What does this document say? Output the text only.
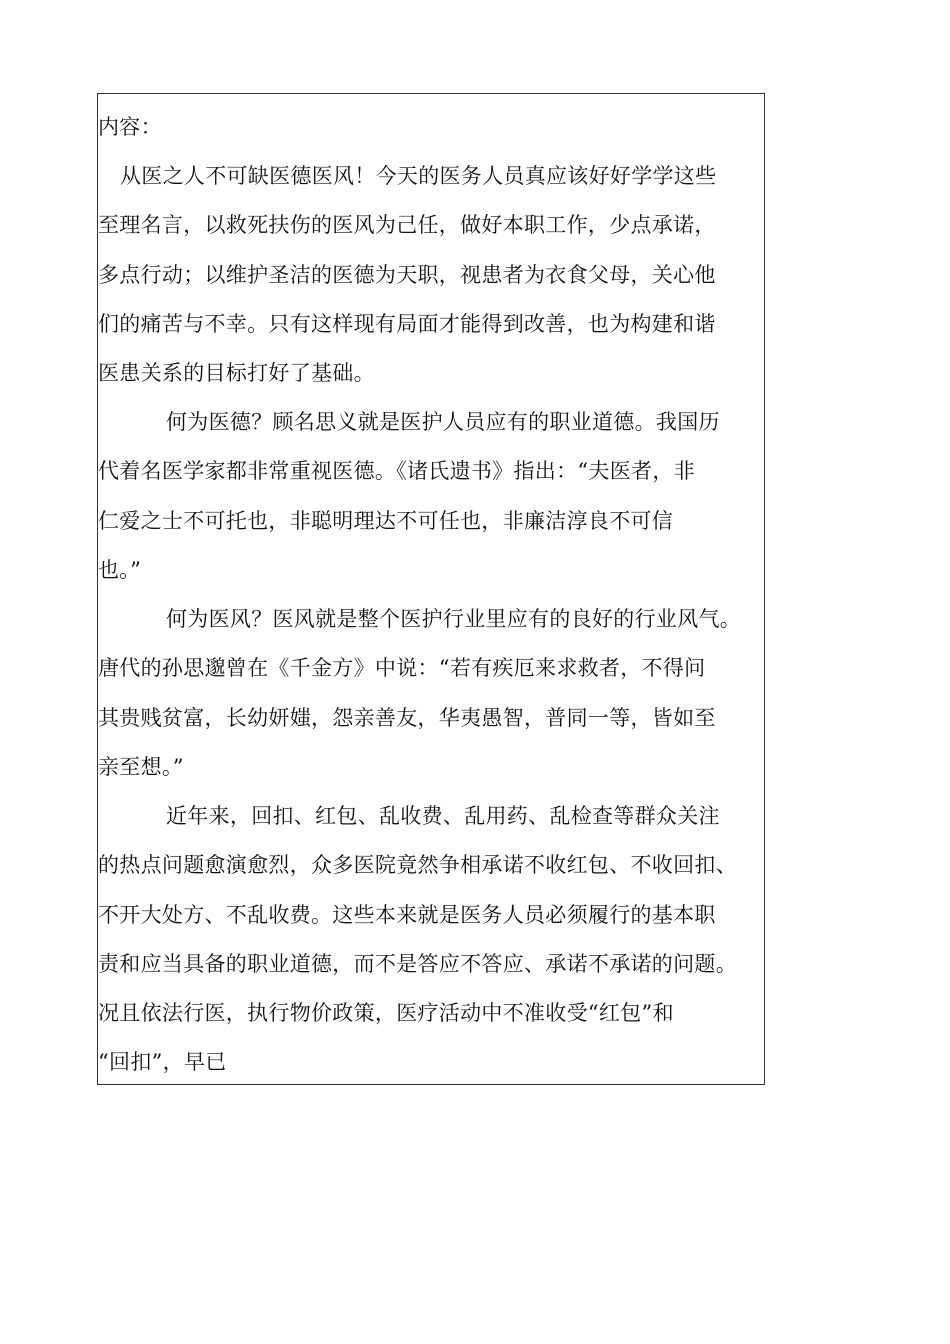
内容：
从医之人不可缺医德医风！今天的医务人员真应该好好学学这些
至理名言，以救死扶伤的医风为己任，做好本职工作，少点承诺，
多点行动；以维护圣洁的医德为天职，视患者为衣食父母，关心他
们的痛苦与不幸。只有这样现有局面才能得到改善，也为构建和谐
医患关系的目标打好了基础。
何为医德？顾名思义就是医护人员应有的职业道德。我国历
代着名医学家都非常重视医德。《诸氏遗书》指出：“夫医者，非
仁爱之士不可托也，非聪明理达不可任也，非廉洁淳良不可信
也。”
何为医风？医风就是整个医护行业里应有的良好的行业风气。
唐代的孙思邈曾在《千金方》中说：“若有疾厄来求救者，不得问
其贵贱贫富，长幼妍媸，怨亲善友，华夷愚智，普同一等，皆如至
亲至想。”
近年来，回扣、红包、乱收费、乱用药、乱检查等群众关注
的热点问题愈演愈烈，众多医院竟然争相承诺不收红包、不收回扣、
不开大处方、不乱收费。这些本来就是医务人员必须履行的基本职
责和应当具备的职业道德，而不是答应不答应、承诺不承诺的问题。
况且依法行医，执行物价政策，医疗活动中不准收受“红包”和
“回扣”，早已
